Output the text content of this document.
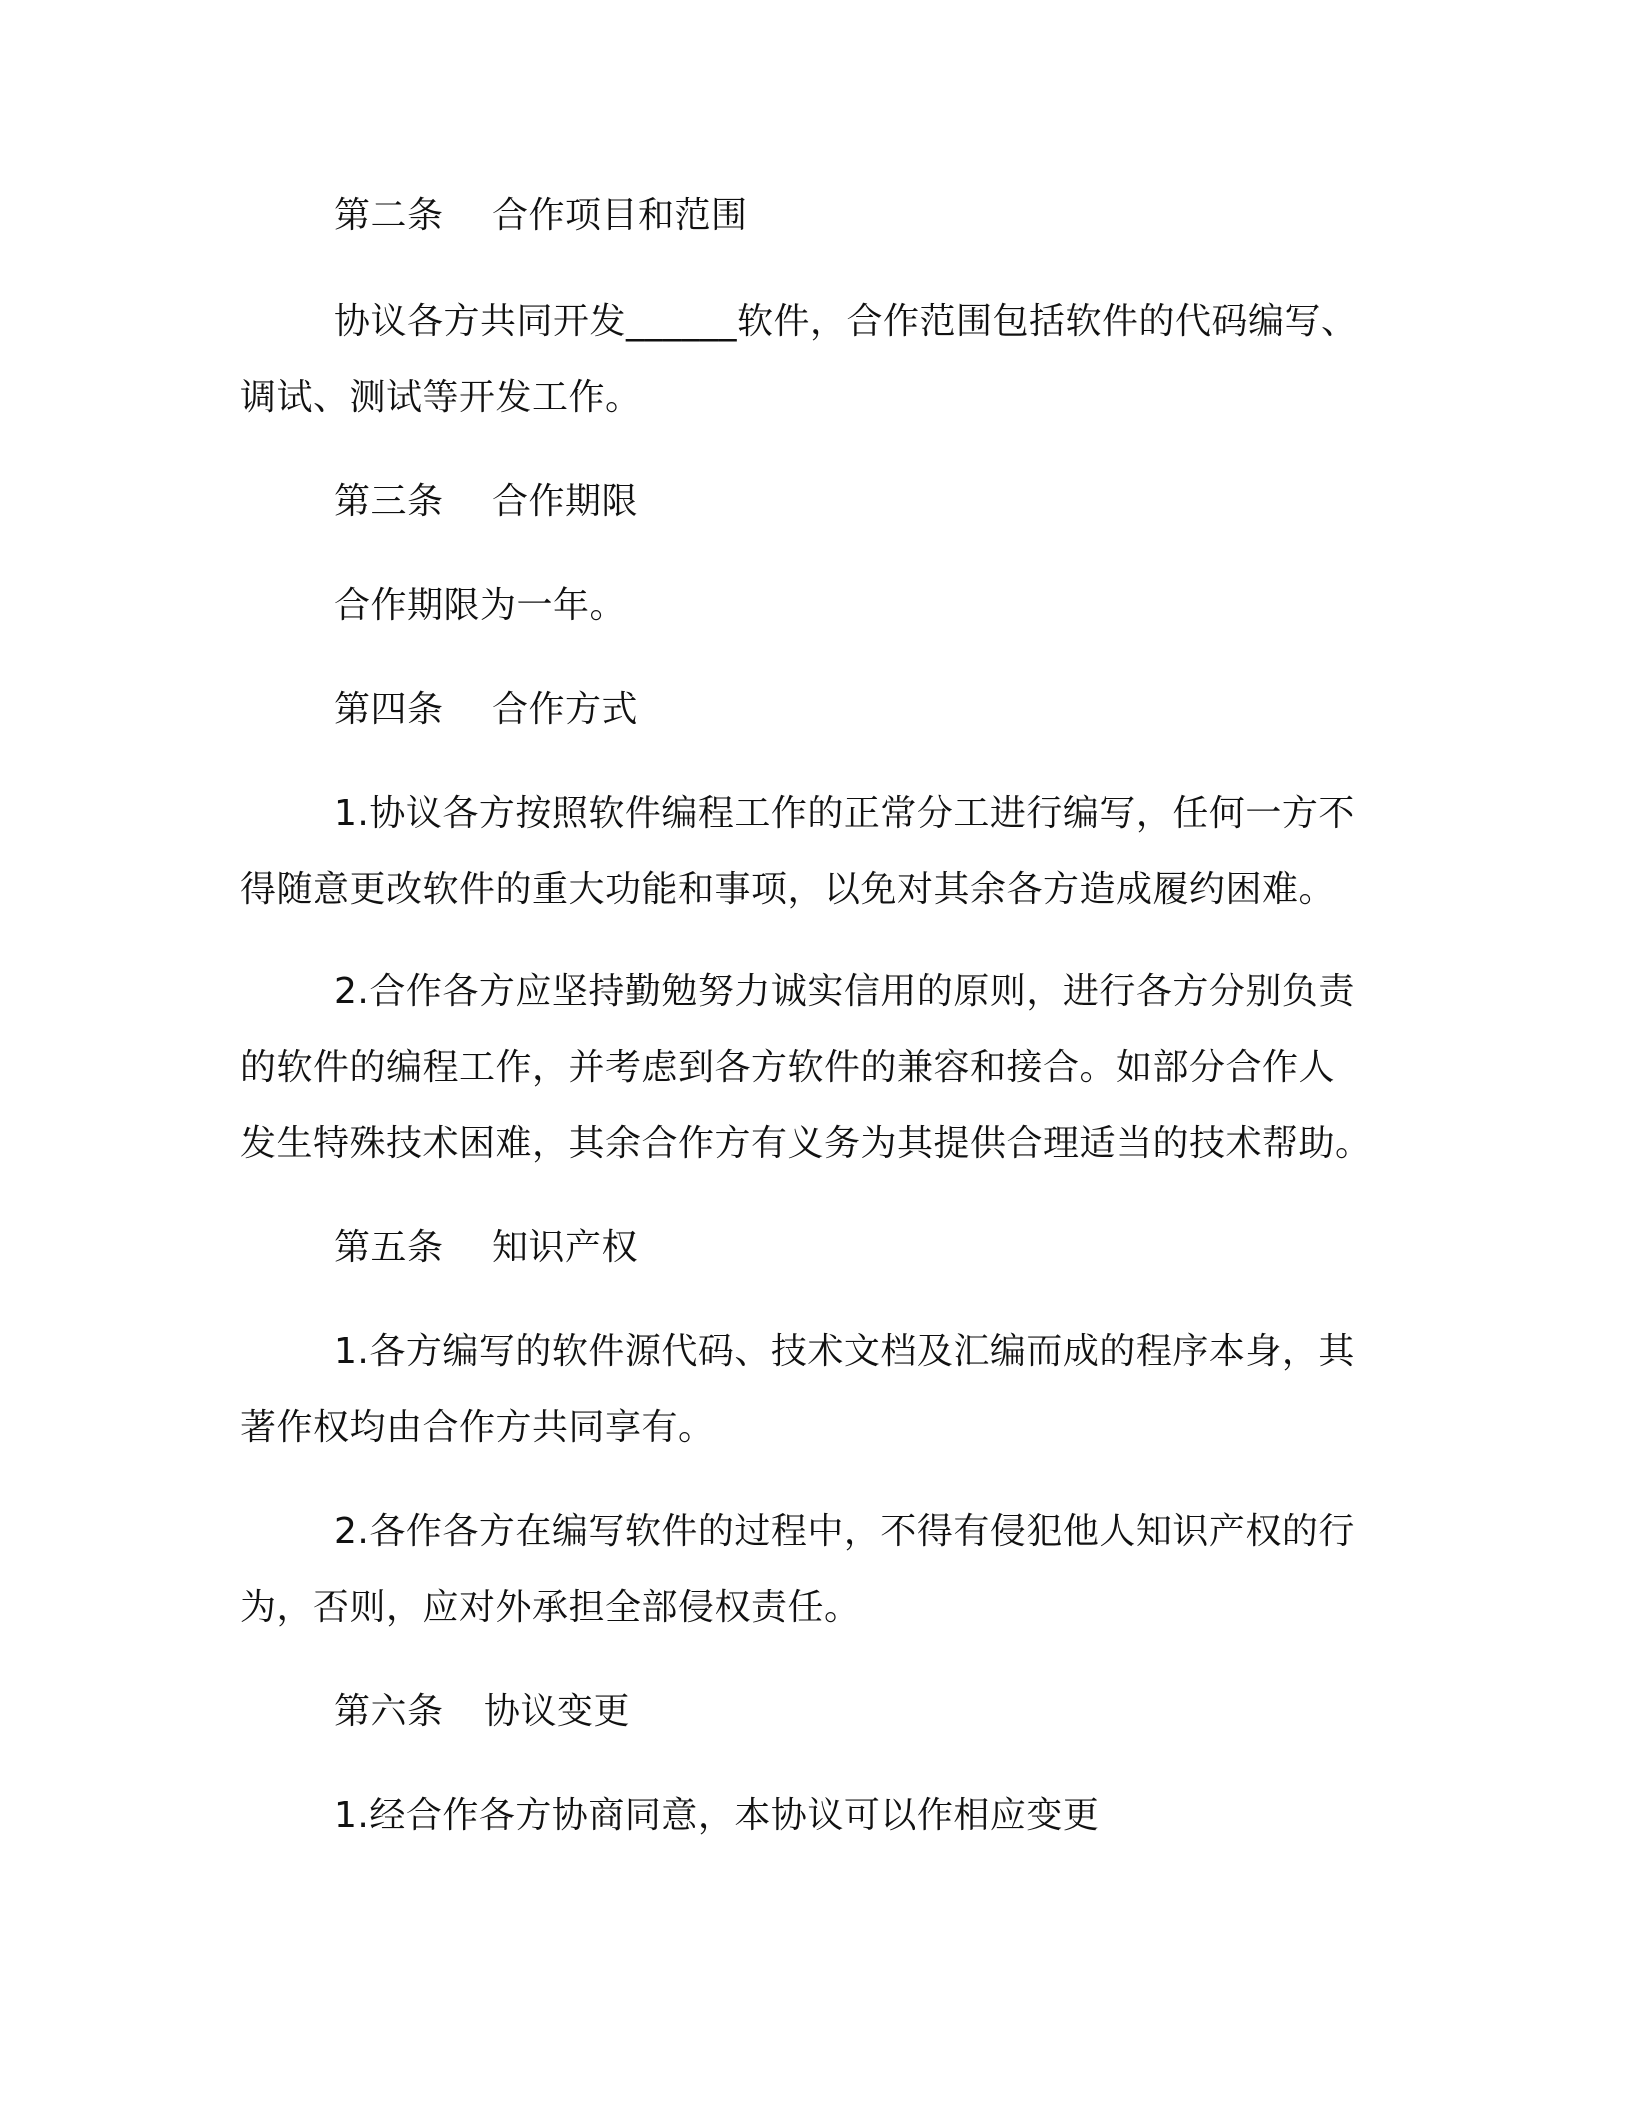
第二条 合作项目和范围
协议各方共同开发______软件，合作范围包括软件的代码编写、
调试、测试等开发工作。
第三条 合作期限
合作期限为一年。
第四条 合作方式
1.协议各方按照软件编程工作的正常分工进行编写，任何一方不
得随意更改软件的重大功能和事项，以免对其余各方造成履约困难。
2.合作各方应坚持勤勉努力诚实信用的原则，进行各方分别负责
的软件的编程工作，并考虑到各方软件的兼容和接合。如部分合作人
发生特殊技术困难，其余合作方有义务为其提供合理适当的技术帮助。
第五条 知识产权
1.各方编写的软件源代码、技术文档及汇编而成的程序本身，其
著作权均由合作方共同享有。
2.各作各方在编写软件的过程中，不得有侵犯他人知识产权的行
为，否则，应对外承担全部侵权责任。
第六条 协议变更
1.经合作各方协商同意，本协议可以作相应变更
